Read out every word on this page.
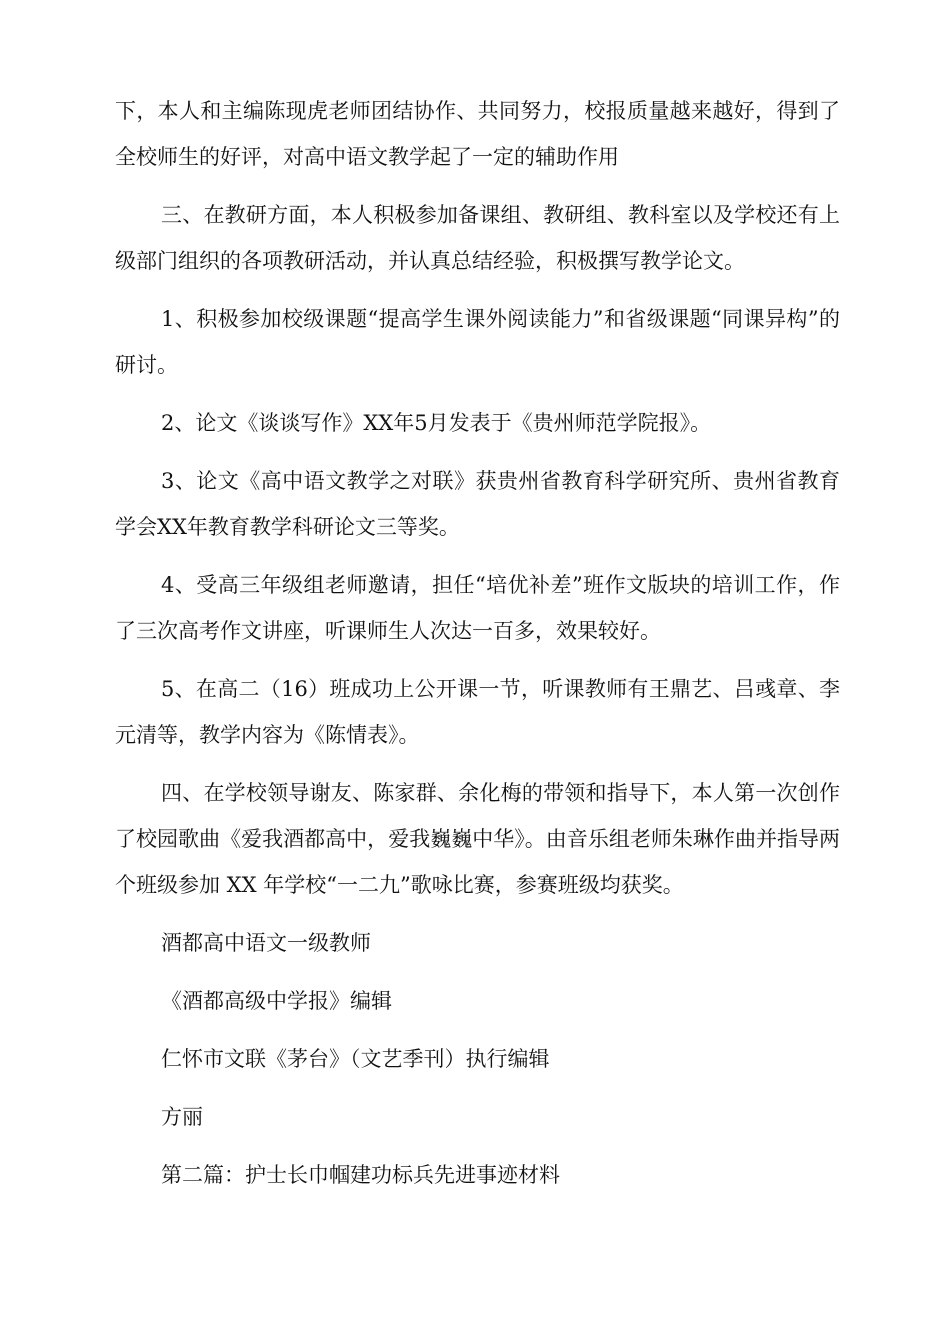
下，本人和主编陈现虎老师团结协作、共同努力，校报质量越来越好，得到了全校师生的好评，对高中语文教学起了一定的辅助作用

三、在教研方面，本人积极参加备课组、教研组、教科室以及学校还有上级部门组织的各项教研活动，并认真总结经验，积极撰写教学论文。

1、积极参加校级课题“提高学生课外阅读能力”和省级课题“同课异构”的研讨。

2、论文《谈谈写作》XX年5月发表于《贵州师范学院报》。

3、论文《高中语文教学之对联》获贵州省教育科学研究所、贵州省教育学会XX年教育教学科研论文三等奖。

4、受高三年级组老师邀请，担任“培优补差”班作文版块的培训工作，作了三次高考作文讲座，听课师生人次达一百多，效果较好。

5、在高二（16）班成功上公开课一节，听课教师有王鼎艺、吕彧章、李元清等，教学内容为《陈情表》。

四、在学校领导谢友、陈家群、余化梅的带领和指导下，本人第一次创作了校园歌曲《爱我酒都高中，爱我巍巍中华》。由音乐组老师朱琳作曲并指导两个班级参加 XX 年学校“一二九”歌咏比赛，参赛班级均获奖。

酒都高中语文一级教师

《酒都高级中学报》编辑

仁怀市文联《茅台》（文艺季刊）执行编辑

方丽

第二篇：护士长巾帼建功标兵先进事迹材料
